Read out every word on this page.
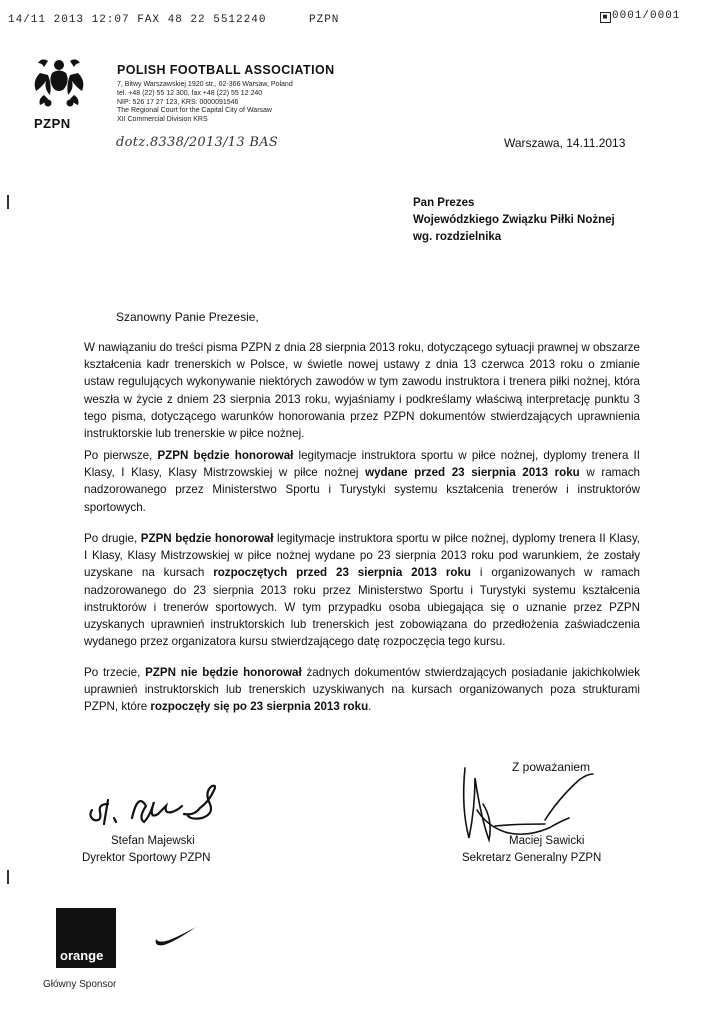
14/11 2013 12:07 FAX 48 22 5512240	PZPN	■ 0001/0001
PZPN
POLISH FOOTBALL ASSOCIATION
7, Bitwy Warszawskiej 1920 str., 02-366 Warsaw, Poland
tel. +48 (22) 55 12 300, fax +48 (22) 55 12 240
NIP: 526 17 27 123, KRS: 0000091546
The Regional Court for the Capital City of Warsaw
XII Commercial Division KRS
dotz.8338/2013/13 BAS	Warszawa, 14.11.2013
Pan Prezes
Wojewódzkiego Związku Piłki Nożnej
wg. rozdzielnika
Szanowny Panie Prezesie,
W nawiązaniu do treści pisma PZPN z dnia 28 sierpnia 2013 roku, dotyczącego sytuacji prawnej w obszarze kształcenia kadr trenerskich w Polsce, w świetle nowej ustawy z dnia 13 czerwca 2013 roku o zmianie ustaw regulujących wykonywanie niektórych zawodów w tym zawodu instruktora i trenera piłki nożnej, która weszła w życie z dniem 23 sierpnia 2013 roku, wyjaśniamy i podkreślamy właściwą interpretację punktu 3 tego pisma, dotyczącego warunków honorowania przez PZPN dokumentów stwierdzających uprawnienia instruktorskie lub trenerskie w piłce nożnej.
Po pierwsze, PZPN będzie honorował legitymacje instruktora sportu w piłce nożnej, dyplomy trenera II Klasy, I Klasy, Klasy Mistrzowskiej w piłce nożnej wydane przed 23 sierpnia 2013 roku w ramach nadzorowanego przez Ministerstwo Sportu i Turystyki systemu kształcenia trenerów i instruktorów sportowych.
Po drugie, PZPN będzie honorował legitymacje instruktora sportu w piłce nożnej, dyplomy trenera II Klasy, I Klasy, Klasy Mistrzowskiej w piłce nożnej wydane po 23 sierpnia 2013 roku pod warunkiem, że zostały uzyskane na kursach rozpoczętych przed 23 sierpnia 2013 roku i organizowanych w ramach nadzorowanego do 23 sierpnia 2013 roku przez Ministerstwo Sportu i Turystyki systemu kształcenia instruktorów i trenerów sportowych. W tym przypadku osoba ubiegająca się o uznanie przez PZPN uzyskanych uprawnień instruktorskich lub trenerskich jest zobowiązana do przedłożenia zaświadczenia wydanego przez organizatora kursu stwierdzającego datę rozpoczęcia tego kursu.
Po trzecie, PZPN nie będzie honorował żadnych dokumentów stwierdzających posiadanie jakichkolwiek uprawnień instruktorskich lub trenerskich uzyskiwanych na kursach organizowanych poza strukturami PZPN, które rozpoczęły się po 23 sierpnia 2013 roku.
Z poważaniem
Stefan Majewski
Dyrektor Sportowy PZPN
Maciej Sawicki
Sekretarz Generalny PZPN
orange
Główny Sponsor
